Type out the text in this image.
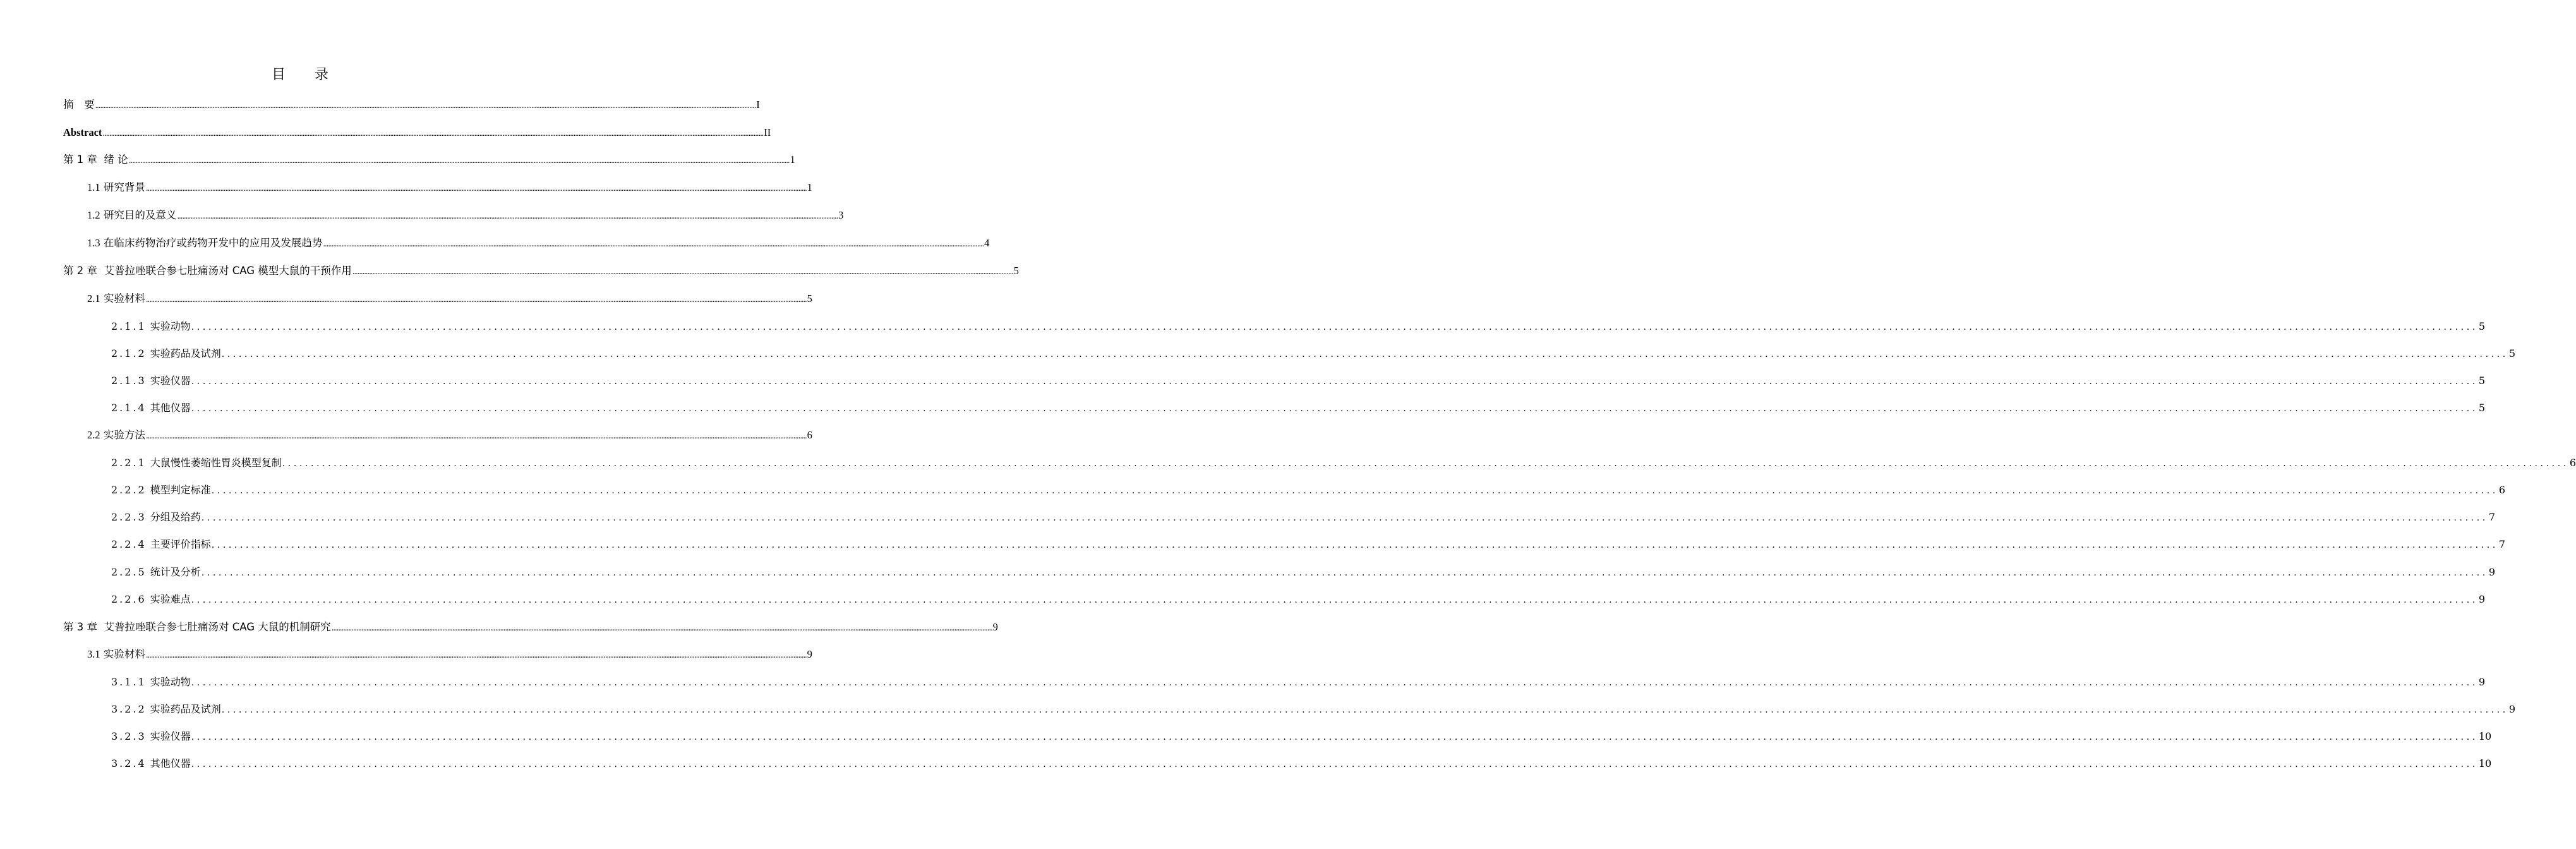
目 录
摘　要 ................................................................................................................................................................................................................................................................................................................................................................................................................ I
Abstract ................................................................................................................................................................................................................................................................................................................................................................................................................ II
第 1 章 绪 论 ................................................................................................................................................................................................................................................................................................................................................................................................................ 1
1.1 研究背景 ................................................................................................................................................................................................................................................................................................................................................................................................................ 1
1.2 研究目的及意义 ................................................................................................................................................................................................................................................................................................................................................................................................................ 3
1.3 在临床药物治疗或药物开发中的应用及发展趋势 ................................................................................................................................................................................................................................................................................................................................................................................................................ 4
第 2 章 艾普拉唑联合参七肚痛汤对 CAG 模型大鼠的干预作用 ................................................................................................................................................................................................................................................................................................................................................................................................................ 5
2.1 实验材料 ................................................................................................................................................................................................................................................................................................................................................................................................................ 5
2.1.1 实验动物 ................................................................................................................................................................................................................................................................................................................................................................................................................ 5
2.1.2 实验药品及试剂 ................................................................................................................................................................................................................................................................................................................................................................................................................ 5
2.1.3 实验仪器 ................................................................................................................................................................................................................................................................................................................................................................................................................ 5
2.1.4 其他仪器 ................................................................................................................................................................................................................................................................................................................................................................................................................ 5
2.2 实验方法 ................................................................................................................................................................................................................................................................................................................................................................................................................ 6
2.2.1 大鼠慢性萎缩性胃炎模型复制 ................................................................................................................................................................................................................................................................................................................................................................................................................ 6
2.2.2 模型判定标准 ................................................................................................................................................................................................................................................................................................................................................................................................................ 6
2.2.3 分组及给药 ................................................................................................................................................................................................................................................................................................................................................................................................................ 7
2.2.4 主要评价指标 ................................................................................................................................................................................................................................................................................................................................................................................................................ 7
2.2.5 统计及分析 ................................................................................................................................................................................................................................................................................................................................................................................................................ 9
2.2.6 实验难点 ................................................................................................................................................................................................................................................................................................................................................................................................................ 9
第 3 章 艾普拉唑联合参七肚痛汤对 CAG 大鼠的机制研究 ................................................................................................................................................................................................................................................................................................................................................................................................................ 9
3.1 实验材料 ................................................................................................................................................................................................................................................................................................................................................................................................................ 9
3.1.1 实验动物 ................................................................................................................................................................................................................................................................................................................................................................................................................ 9
3.2.2 实验药品及试剂 ................................................................................................................................................................................................................................................................................................................................................................................................................ 9
3.2.3 实验仪器 ................................................................................................................................................................................................................................................................................................................................................................................................................ 10
3.2.4 其他仪器 ................................................................................................................................................................................................................................................................................................................................................................................................................ 10
